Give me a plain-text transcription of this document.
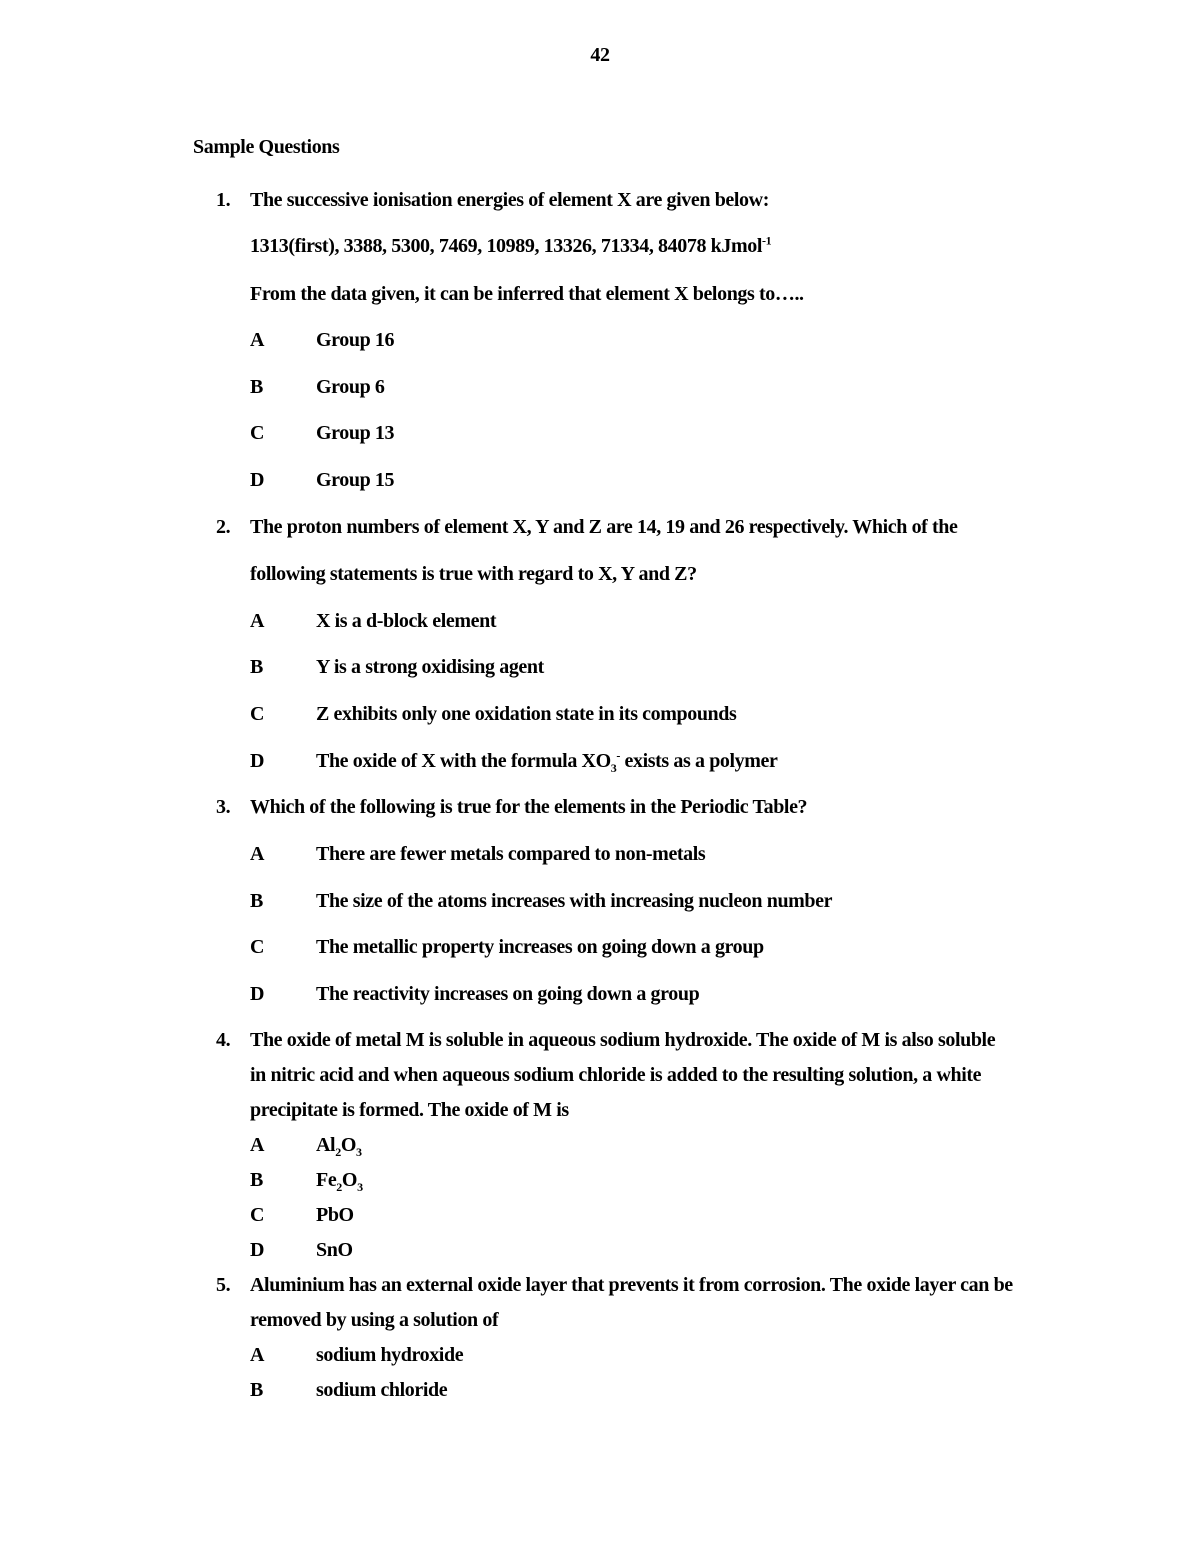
42
Sample Questions
1. The successive ionisation energies of element X are given below:
1313(first), 3388, 5300, 7469, 10989, 13326, 71334, 84078 kJmol$^{-1}$
From the data given, it can be inferred that element X belongs to…..
A	Group 16
B	Group 6
C	Group 13
D	Group 15
2. The proton numbers of element X, Y and Z are 14, 19 and 26 respectively. Which of the
following statements is true with regard to X, Y and Z?
A	X is a d-block element
B	Y is a strong oxidising agent
C	Z exhibits only one oxidation state in its compounds
D	The oxide of X with the formula $XO_3^-$ exists as a polymer
3. Which of the following is true for the elements in the Periodic Table?
A	There are fewer metals compared to non-metals
B	The size of the atoms increases with increasing nucleon number
C	The metallic property increases on going down a group
D	The reactivity increases on going down a group
4. The oxide of metal M is soluble in aqueous sodium hydroxide. The oxide of M is also soluble
in nitric acid and when aqueous sodium chloride is added to the resulting solution, a white
precipitate is formed. The oxide of M is
A	$Al_2O_3$
B	$Fe_2O_3$
C	PbO
D	SnO
5. Aluminium has an external oxide layer that prevents it from corrosion. The oxide layer can be
removed by using a solution of
A	sodium hydroxide
B	sodium chloride
